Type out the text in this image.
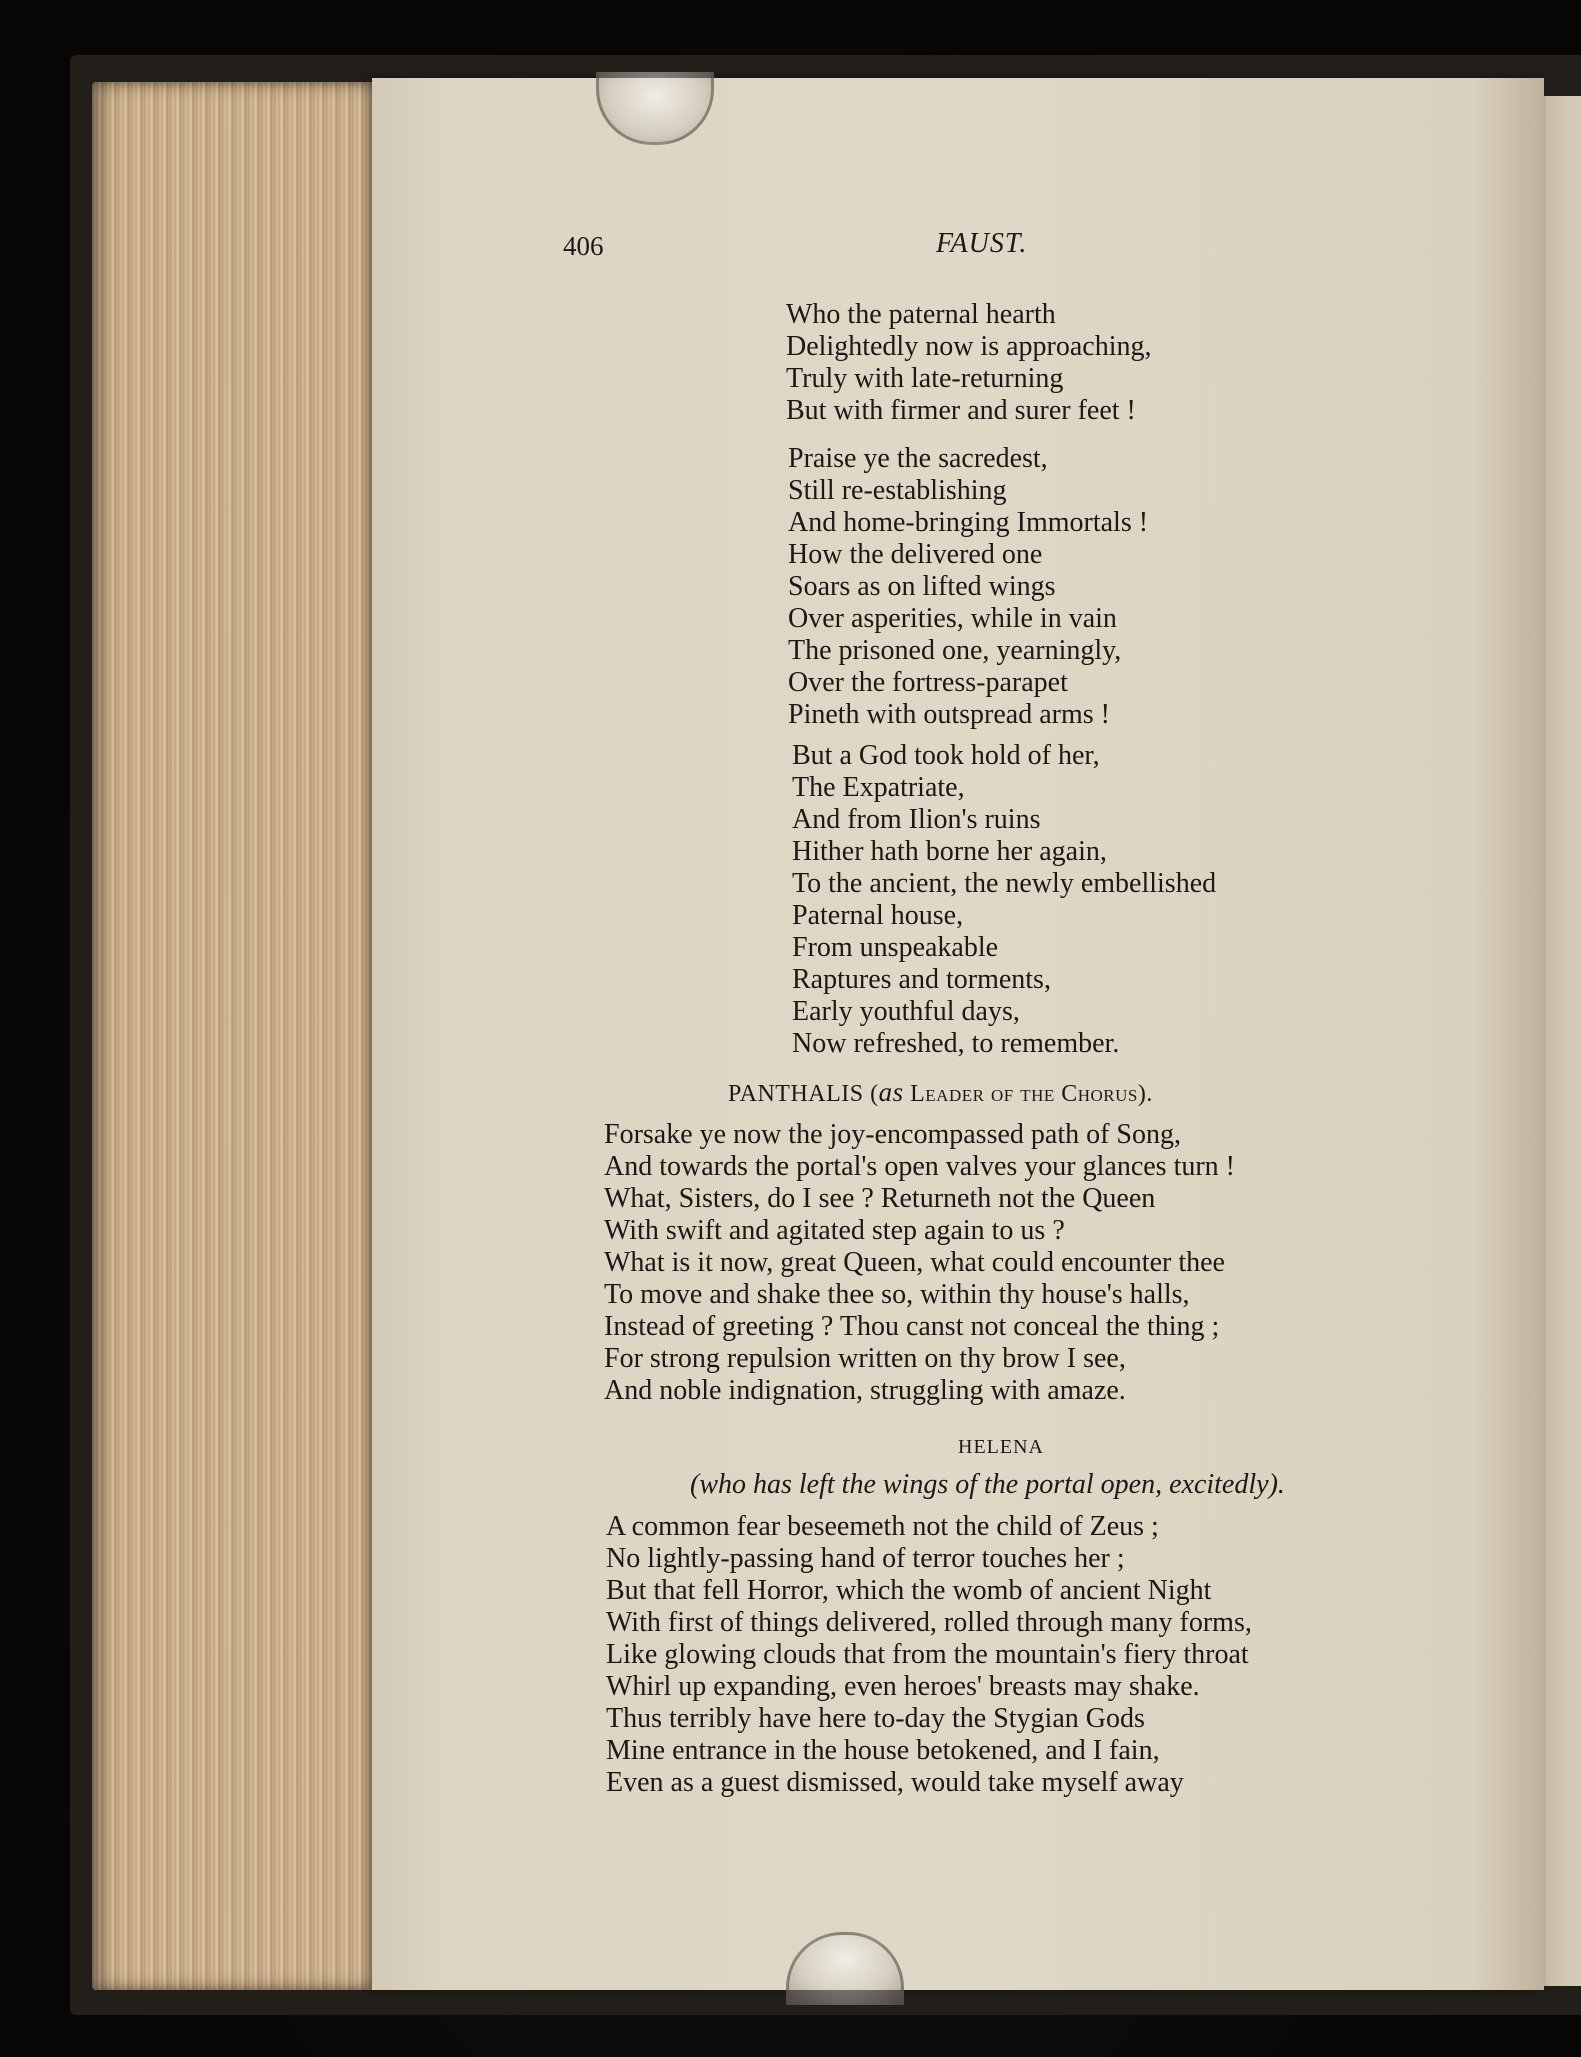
406	FAUST.
Who the paternal hearth
Delightedly now is approaching,
Truly with late-returning
But with firmer and surer feet !
Praise ye the sacredest,
Still re-establishing
And home-bringing Immortals !
How the delivered one
Soars as on lifted wings
Over asperities, while in vain
The prisoned one, yearningly,
Over the fortress-parapet
Pineth with outspread arms !
But a God took hold of her,
The Expatriate,
And from Ilion's ruins
Hither hath borne her again,
To the ancient, the newly embellished
Paternal house,
From unspeakable
Raptures and torments,
Early youthful days,
Now refreshed, to remember.
PANTHALIS (as Leader of the Chorus).
Forsake ye now the joy-encompassed path of Song,
And towards the portal's open valves your glances turn !
What, Sisters, do I see ? Returneth not the Queen
With swift and agitated step again to us ?
What is it now, great Queen, what could encounter thee
To move and shake thee so, within thy house's halls,
Instead of greeting ? Thou canst not conceal the thing ;
For strong repulsion written on thy brow I see,
And noble indignation, struggling with amaze.
HELENA
(who has left the wings of the portal open, excitedly).
A common fear beseemeth not the child of Zeus ;
No lightly-passing hand of terror touches her ;
But that fell Horror, which the womb of ancient Night
With first of things delivered, rolled through many forms,
Like glowing clouds that from the mountain's fiery throat
Whirl up expanding, even heroes' breasts may shake.
Thus terribly have here to-day the Stygian Gods
Mine entrance in the house betokened, and I fain,
Even as a guest dismissed, would take myself away
